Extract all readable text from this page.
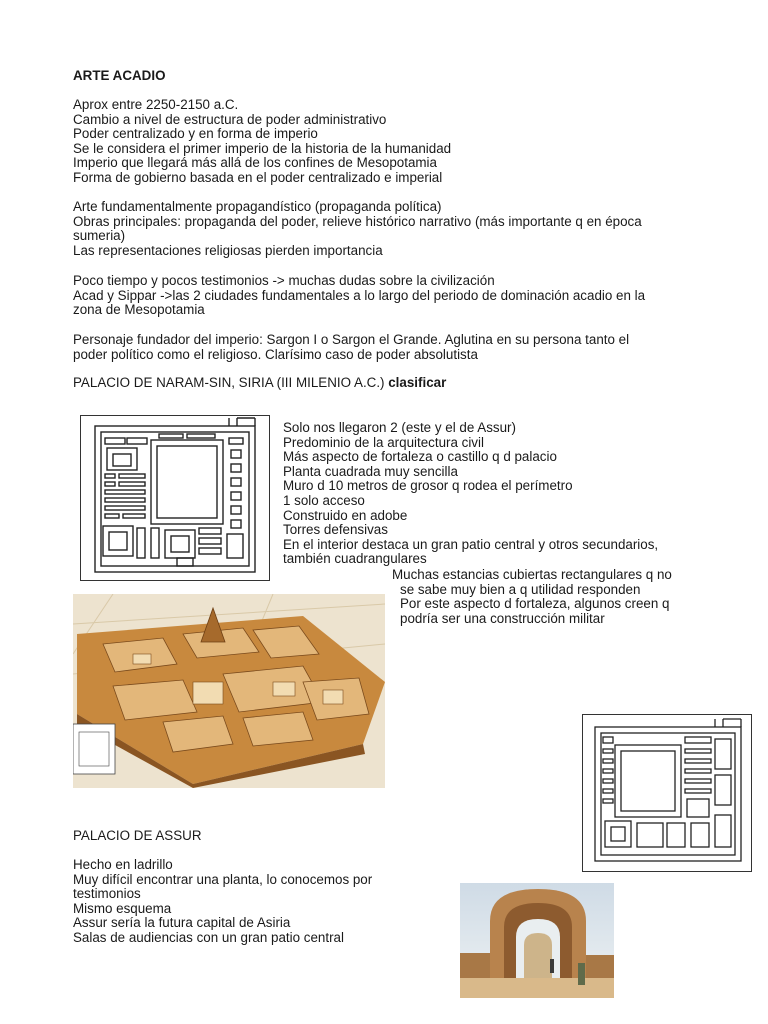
ARTE ACADIO
Aprox entre 2250-2150 a.C.
Cambio a nivel de estructura de poder administrativo
Poder centralizado y en forma de imperio
Se le considera el primer imperio de la historia de la humanidad
Imperio que llegará más allá de los confines de Mesopotamia
Forma de gobierno basada en el poder centralizado e imperial
Arte fundamentalmente propagandístico (propaganda política)
Obras principales: propaganda del poder, relieve histórico narrativo (más importante q en época
sumeria)
Las representaciones religiosas pierden importancia
Poco tiempo y pocos testimonios -> muchas dudas sobre la civilización
Acad y Sippar ->las 2 ciudades fundamentales a lo largo del periodo de dominación acadio en la
zona de Mesopotamia
Personaje fundador del imperio: Sargon I o Sargon el Grande. Aglutina en su persona tanto el
poder político como el religioso. Clarísimo caso de poder absolutista
PALACIO DE NARAM-SIN, SIRIA (III MILENIO A.C.) clasificar
Solo nos llegaron 2 (este y el de Assur)
Predominio de la arquitectura civil
Más aspecto de fortaleza o castillo q d palacio
Planta cuadrada muy sencilla
Muro d 10 metros de grosor q rodea el perímetro
1 solo acceso
Construido en adobe
Torres defensivas
En el interior destaca un gran patio central y otros secundarios,
también cuadrangulares
Muchas estancias cubiertas rectangulares q no
se sabe muy bien a q utilidad responden
Por este aspecto d fortaleza, algunos creen q
podría ser una construcción militar
PALACIO DE ASSUR
Hecho en ladrillo
Muy difícil encontrar una planta, lo conocemos por
testimonios
Mismo esquema
Assur sería la futura capital de Asiria
Salas de audiencias con un gran patio central
